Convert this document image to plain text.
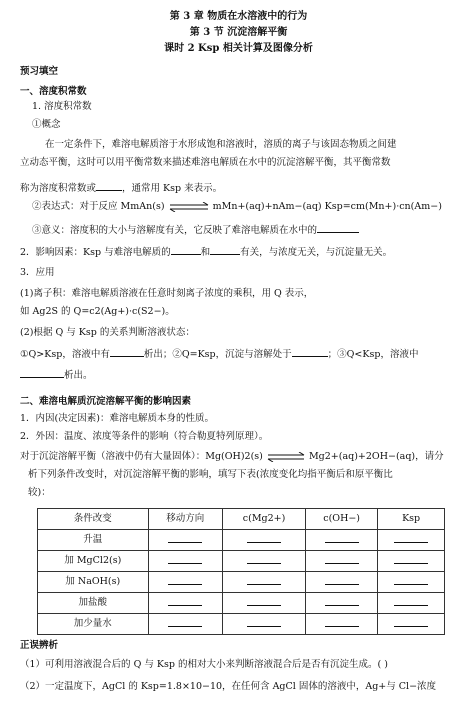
第 3 章 物质在水溶液中的行为
第 3 节 沉淀溶解平衡
课时 2 Ksp 相关计算及图像分析
预习填空
一、溶度积常数
1. 溶度积常数
①概念
在一定条件下，难溶电解质溶于水形成饱和溶液时，溶质的离子与该固态物质之间建
立动态平衡，这时可以用平衡常数来描述难溶电解质在水中的沉淀溶解平衡，其平衡常数
称为溶度积常数或	，通常用 Ksp 来表示。
②表达式：对于反应 MmAn(s)	mMn+(aq)+nAm−(aq) Ksp=cm(Mn+)·cn(Am−)
③意义：溶度积的大小与溶解度有关，它反映了难溶电解质在水中的
2．影响因素：Ksp 与难溶电解质的	和	有关，与浓度无关，与沉淀量无关。
3．应用
(1)离子积：难溶电解质溶液在任意时刻离子浓度的乘积，用 Q 表示，
如 Ag2S 的 Q=c2(Ag+)·c(S2−)。
(2)根据 Q 与 Ksp 的关系判断溶液状态：
①Q>Ksp，溶液中有	析出；②Q=Ksp，沉淀与溶解处于	；③Q<Ksp，溶液中
析出。
二、难溶电解质沉淀溶解平衡的影响因素
1．内因(决定因素)：难溶电解质本身的性质。
2．外因：温度、浓度等条件的影响（符合勒夏特列原理）。
对于沉淀溶解平衡（溶液中仍有大量固体）：Mg(OH)2(s)	Mg2+(aq)+2OH−(aq)，请分
析下列条件改变时，对沉淀溶解平衡的影响，填写下表(浓度变化均指平衡后和原平衡比
较)：
条件改变	移动方向	c(Mg2+)	c(OH−)	Ksp
升温				
加 MgCl2(s)				
加 NaOH(s)				
加盐酸				
加少量水				
正误辨析
（1）可利用溶液混合后的 Q 与 Ksp 的相对大小来判断溶液混合后是否有沉淀生成。( )
（2）一定温度下，AgCl 的 Ksp=1.8×10−10，在任何含 AgCl 固体的溶液中，Ag+与 Cl−浓度
